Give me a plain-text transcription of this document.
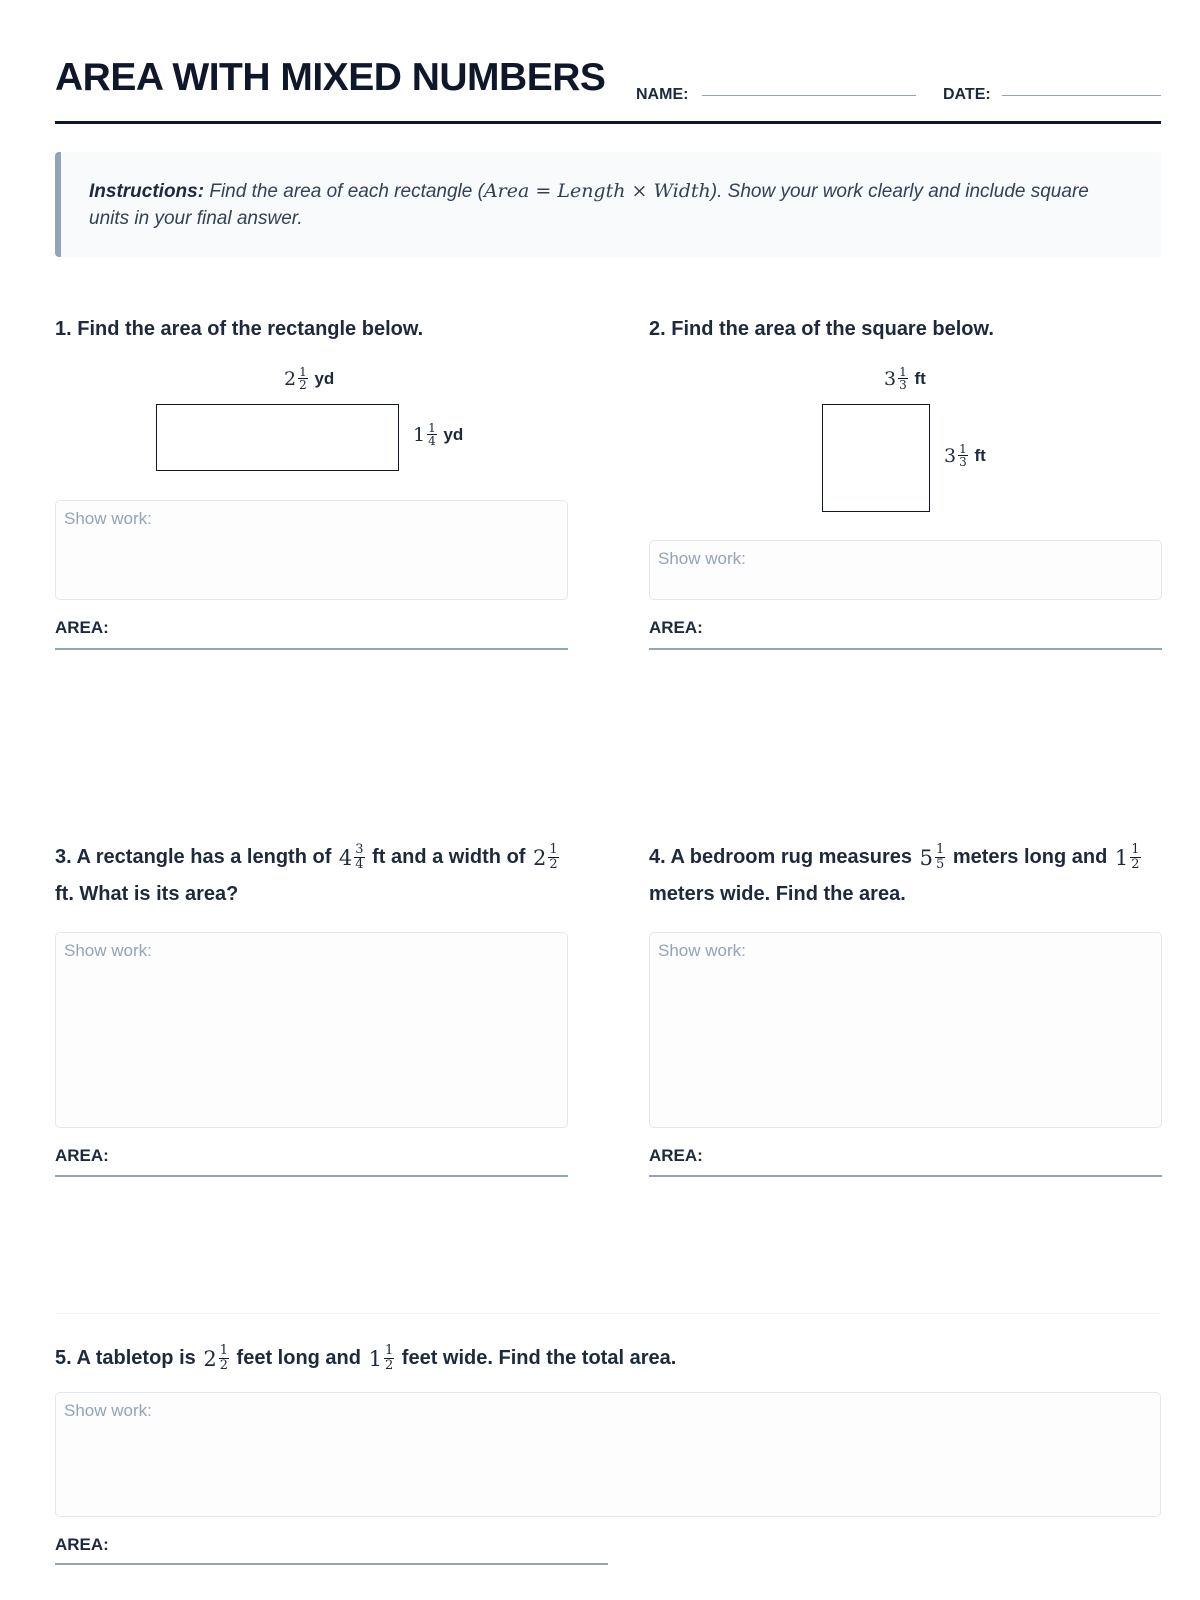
AREA WITH MIXED NUMBERS NAME:	DATE:
Instructions: Find the area of each rectangle (Area = Length × Width). Show your work clearly and include square units in your final answer.
1. Find the area of the rectangle below.
$2 \frac{1}{2}$
yd
$1 \frac{1}{4}$
yd
Show work:
AREA:
2. Find the area of the square below.
$3 \frac{1}{3}$
ft
$3 \frac{1}{3}$
ft
Show work:
AREA:
3. A rectangle has a length of $4 \frac{3}{4}$ ft and a width of $2 \frac{1}{2}$
ft. What is its area?
Show work:
AREA:
4. A bedroom rug measures $5 \frac{1}{5}$ meters long and $1 \frac{1}{2}$
meters wide. Find the area.
Show work:
AREA:
5. A tabletop is $2 \frac{1}{2}$ feet long and $1 \frac{1}{2}$ feet wide. Find the total area.
Show work:
AREA:
